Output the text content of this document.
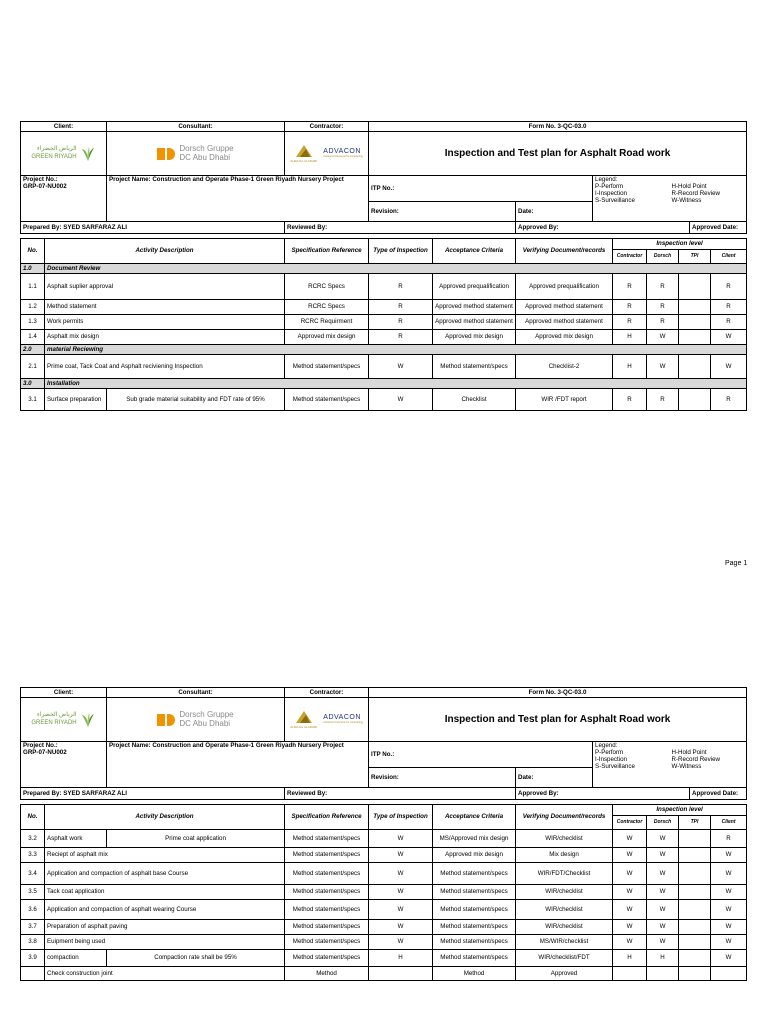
Client:	Consultant:	Contractor:	Form No. 3-QC-03.0

الرياض الخضراء
GREEN RIYADH

Dorsch Gruppe
DC Abu Dhabi	ALMAJAL ALARABI
ADVACON
Advanced Concepts for Contracting	Inspection and Test plan for Asphalt Road work

Project No.:
GRP-07-NU002
	Project Name: Construction and Operate Phase-1 Green Riyadh Nursery Project	ITP No.:	
Legend:
P-Perform	H-Hold Point
I-Inspection	R-Record Review
S-Surveillance	W-Witness

Revision:	Date:
Prepared By: SYED SARFARAZ ALI	Reviewed By:	Approved By:	Approved Date:
No.	Activity Description		Specification Reference	Type of Inspection	Acceptance Criteria	Verifying Document/records	Inspection level			
							Contractor	Dorsch	TPI	Client
1.0	Document Review									
1.1	Asphalt suplier approval		RCRC Specs	R	Approved prequalification	Approved prequalification	R	R		R
1.2	Method statement		RCRC Specs	R	Approved method statement	Approved method statement	R	R		R
1.3	Work permits		RCRC Requirment	R	Approved method statement	Approved method statement	R	R		R
1.4	Asphalt mix design		Approved mix design	R	Approved mix design	Approved mix design	H	W		W
2.0	material Reciewing									
2.1	Prime coat, Tack Coat and Asphalt reciviening Inspection		Method statement/specs	W	Method statement/specs	Checklist-2	H	W		W
3.0	Installation									
3.1	Surface preparation	Sub grade material suitability and FDT rate of 95%	Method statement/specs	W	Checklist	WIR /FDT report	R	R		R
Page 1
Client:	Consultant:	Contractor:	Form No. 3-QC-03.0

الرياض الخضراء
GREEN RIYADH

Dorsch Gruppe
DC Abu Dhabi	ALMAJAL ALARABI
ADVACON
Advanced Concepts for Contracting	Inspection and Test plan for Asphalt Road work

Project No.:
GRP-07-NU002
	Project Name: Construction and Operate Phase-1 Green Riyadh Nursery Project	ITP No.:	
Legend:
P-Perform	H-Hold Point
I-Inspection	R-Record Review
S-Surveillance	W-Witness

Revision:	Date:
Prepared By: SYED SARFARAZ ALI	Reviewed By:	Approved By:	Approved Date:
No.	Activity Description		Specification Reference	Type of Inspection	Acceptance Criteria	Verifying Document/records	Inspection level			
							Contractor	Dorsch	TPI	Client
3.2	Asphalt work	Prime coat application	Method statement/specs	W	MS/Approved mix design	WIR/checklist	W	W		R
3.3	Reciept of asphalt mix		Method statement/specs	W	Approved mix design	Mix design	W	W		W
3.4	Application and compaction of asphalt base Course		Method statement/specs	W	Method statement/specs	WIR/FDT/Checklist	W	W		W
3.5	Tack coat application		Method statement/specs	W	Method statement/specs	WIR/checklist	W	W		W
3.6	Application and compaction of asphalt wearing Course		Method statement/specs	W	Method statement/specs	WIR/checklist	W	W		W
3.7	Preparation of asphalt paving		Method statement/specs	W	Method statement/specs	WIR/checklist	W	W		W
3.8	Euipment being used		Method statement/specs	W	Method statement/specs	MS/WIR/checklist	W	W		W
3.9	compaction	Compaction rate shall be 95%	Method statement/specs	H	Method statement/specs	WIR/checklist/FDT	H	H		W
	Check construction joint		Method		Method	Approved				
